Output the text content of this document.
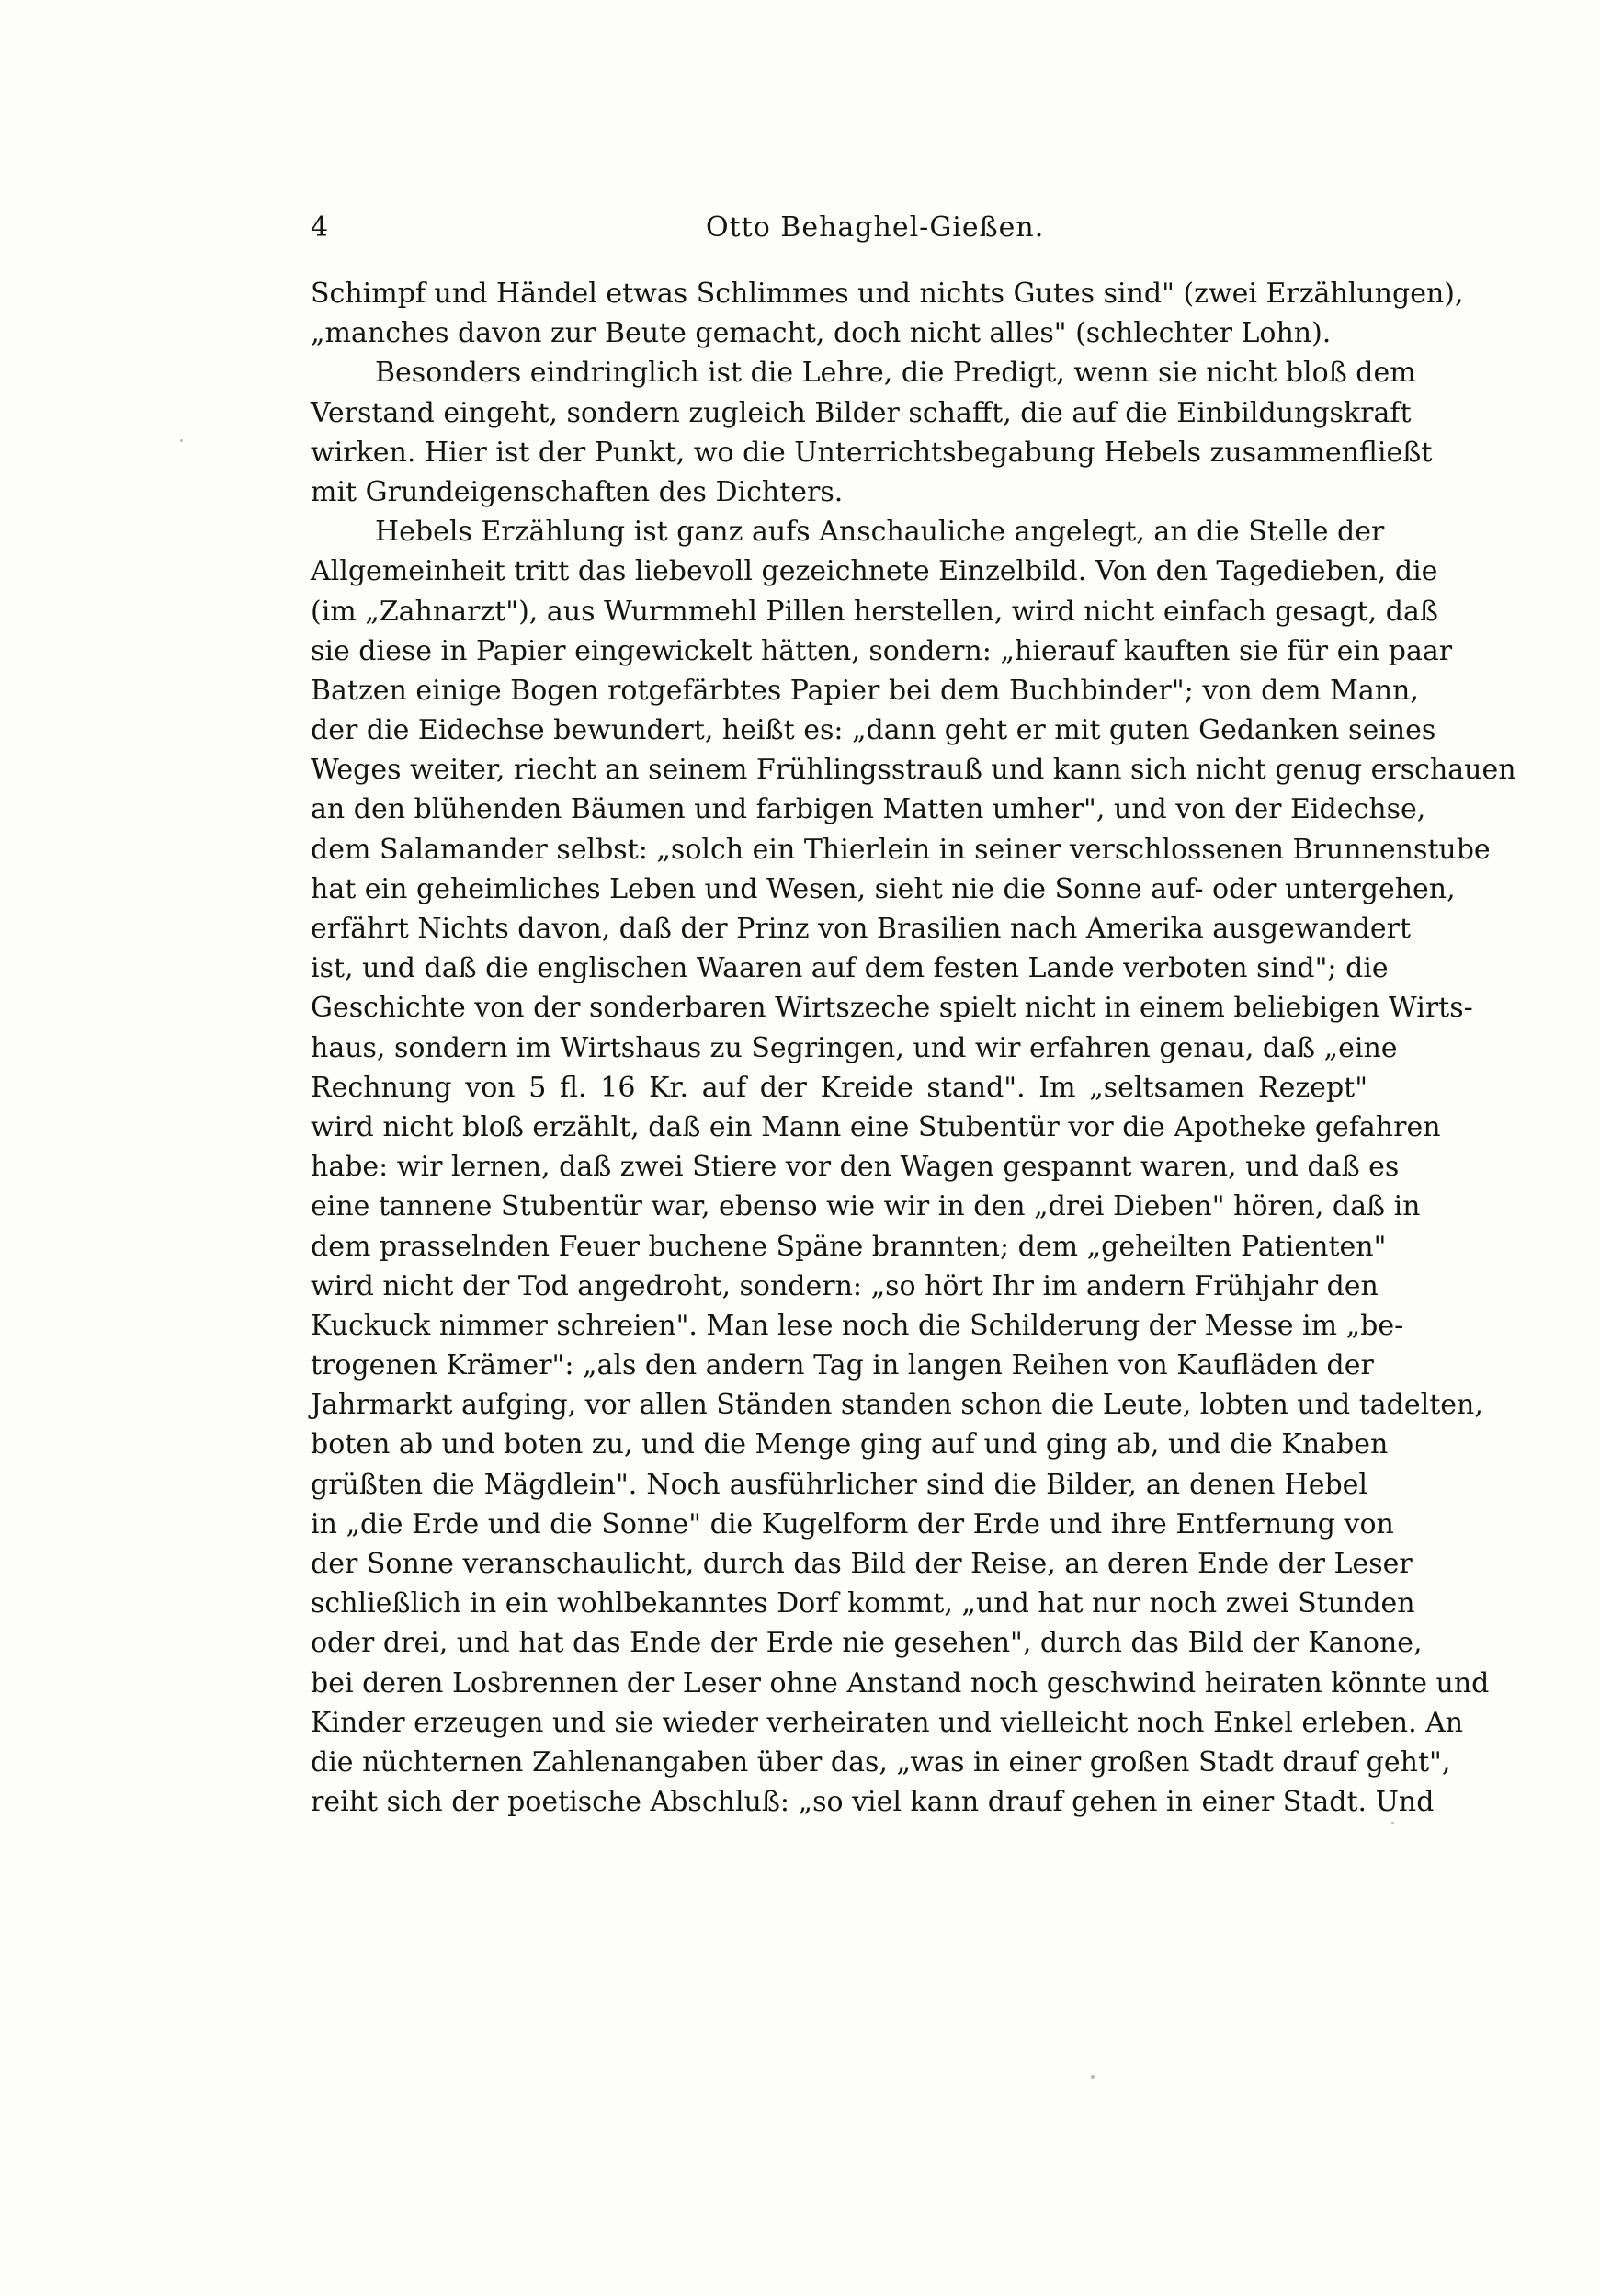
4	Otto Behaghel-Gießen.
Schimpf und Händel etwas Schlimmes und nichts Gutes sind" (zwei Erzählungen),
„manches davon zur Beute gemacht, doch nicht alles" (schlechter Lohn).
Besonders eindringlich ist die Lehre, die Predigt, wenn sie nicht bloß dem
Verstand eingeht, sondern zugleich Bilder schafft, die auf die Einbildungskraft
wirken. Hier ist der Punkt, wo die Unterrichtsbegabung Hebels zusammenfließt
mit Grundeigenschaften des Dichters.
Hebels Erzählung ist ganz aufs Anschauliche angelegt, an die Stelle der
Allgemeinheit tritt das liebevoll gezeichnete Einzelbild. Von den Tagedieben, die
(im „Zahnarzt"), aus Wurmmehl Pillen herstellen, wird nicht einfach gesagt, daß
sie diese in Papier eingewickelt hätten, sondern: „hierauf kauften sie für ein paar
Batzen einige Bogen rotgefärbtes Papier bei dem Buchbinder"; von dem Mann,
der die Eidechse bewundert, heißt es: „dann geht er mit guten Gedanken seines
Weges weiter, riecht an seinem Frühlingsstrauß und kann sich nicht genug erschauen
an den blühenden Bäumen und farbigen Matten umher", und von der Eidechse,
dem Salamander selbst: „solch ein Thierlein in seiner verschlossenen Brunnenstube
hat ein geheimliches Leben und Wesen, sieht nie die Sonne auf- oder untergehen,
erfährt Nichts davon, daß der Prinz von Brasilien nach Amerika ausgewandert
ist, und daß die englischen Waaren auf dem festen Lande verboten sind"; die
Geschichte von der sonderbaren Wirtszeche spielt nicht in einem beliebigen Wirts-
haus, sondern im Wirtshaus zu Segringen, und wir erfahren genau, daß „eine
Rechnung von 5 fl. 16 Kr. auf der Kreide stand". Im „seltsamen Rezept"
wird nicht bloß erzählt, daß ein Mann eine Stubentür vor die Apotheke gefahren
habe: wir lernen, daß zwei Stiere vor den Wagen gespannt waren, und daß es
eine tannene Stubentür war, ebenso wie wir in den „drei Dieben" hören, daß in
dem prasselnden Feuer buchene Späne brannten; dem „geheilten Patienten"
wird nicht der Tod angedroht, sondern: „so hört Ihr im andern Frühjahr den
Kuckuck nimmer schreien". Man lese noch die Schilderung der Messe im „be-
trogenen Krämer": „als den andern Tag in langen Reihen von Kaufläden der
Jahrmarkt aufging, vor allen Ständen standen schon die Leute, lobten und tadelten,
boten ab und boten zu, und die Menge ging auf und ging ab, und die Knaben
grüßten die Mägdlein". Noch ausführlicher sind die Bilder, an denen Hebel
in „die Erde und die Sonne" die Kugelform der Erde und ihre Entfernung von
der Sonne veranschaulicht, durch das Bild der Reise, an deren Ende der Leser
schließlich in ein wohlbekanntes Dorf kommt, „und hat nur noch zwei Stunden
oder drei, und hat das Ende der Erde nie gesehen", durch das Bild der Kanone,
bei deren Losbrennen der Leser ohne Anstand noch geschwind heiraten könnte und
Kinder erzeugen und sie wieder verheiraten und vielleicht noch Enkel erleben. An
die nüchternen Zahlenangaben über das, „was in einer großen Stadt drauf geht",
reiht sich der poetische Abschluß: „so viel kann drauf gehen in einer Stadt. Und
